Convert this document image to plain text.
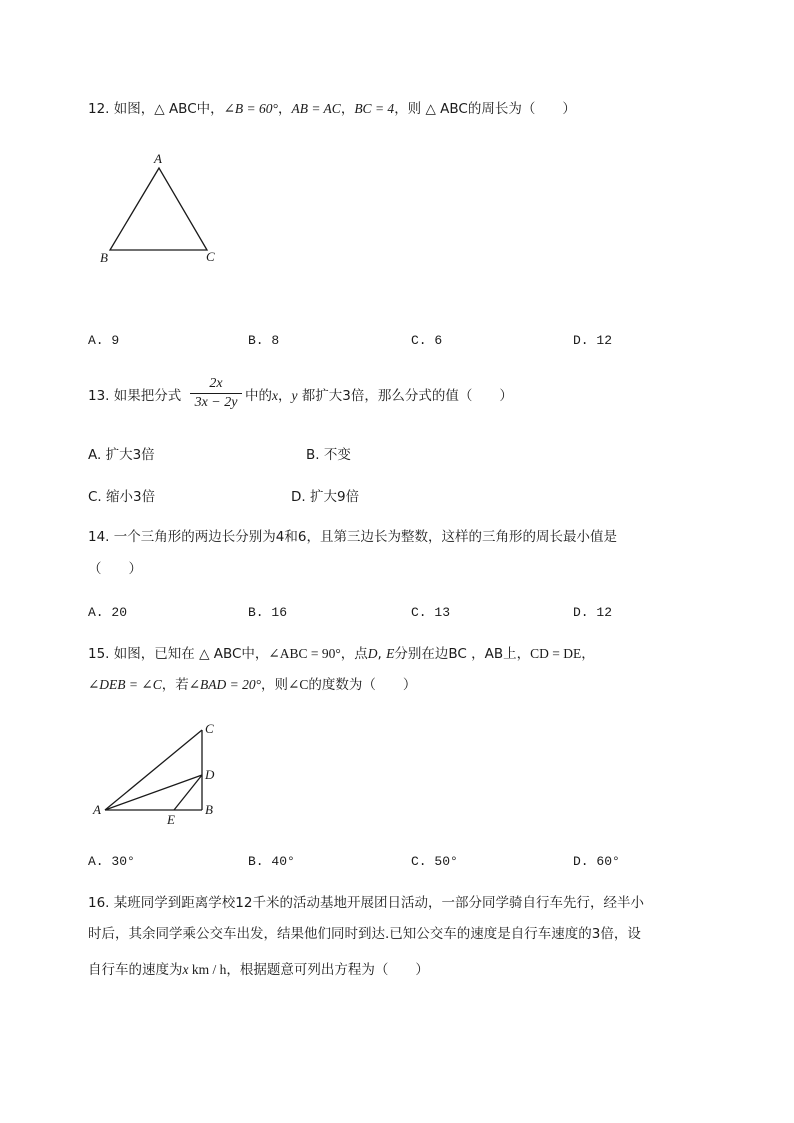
12. 如图，△ ABC中，∠B = 60°，AB = AC，BC = 4，则 △ ABC的周长为（　　）
A
B	C
A. 9	B. 8	C. 6	D. 12
13. 如果把分式
2x
3x − 2y 中的x，y 都扩大3倍，那么分式的值（　　）
A. 扩大3倍	B. 不变
C. 缩小3倍	D. 扩大9倍
14. 一个三角形的两边长分别为4和6，且第三边长为整数，这样的三角形的周长最小值是
（　　）
A. 20	B. 16	C. 13	D. 12
15. 如图，已知在 △ ABC中，∠ABC = 90°，点D, E分别在边BC ，AB上，CD = DE，
∠DEB = ∠C，若∠BAD = 20°，则∠C的度数为（　　）
C
D
A
E
B
A. 30°	B. 40°	C. 50°	D. 60°
16. 某班同学到距离学校12千米的活动基地开展团日活动，一部分同学骑自行车先行，经半小
时后，其余同学乘公交车出发，结果他们同时到达.已知公交车的速度是自行车速度的3倍，设
自行车的速度为x km / h，根据题意可列出方程为（　　）
